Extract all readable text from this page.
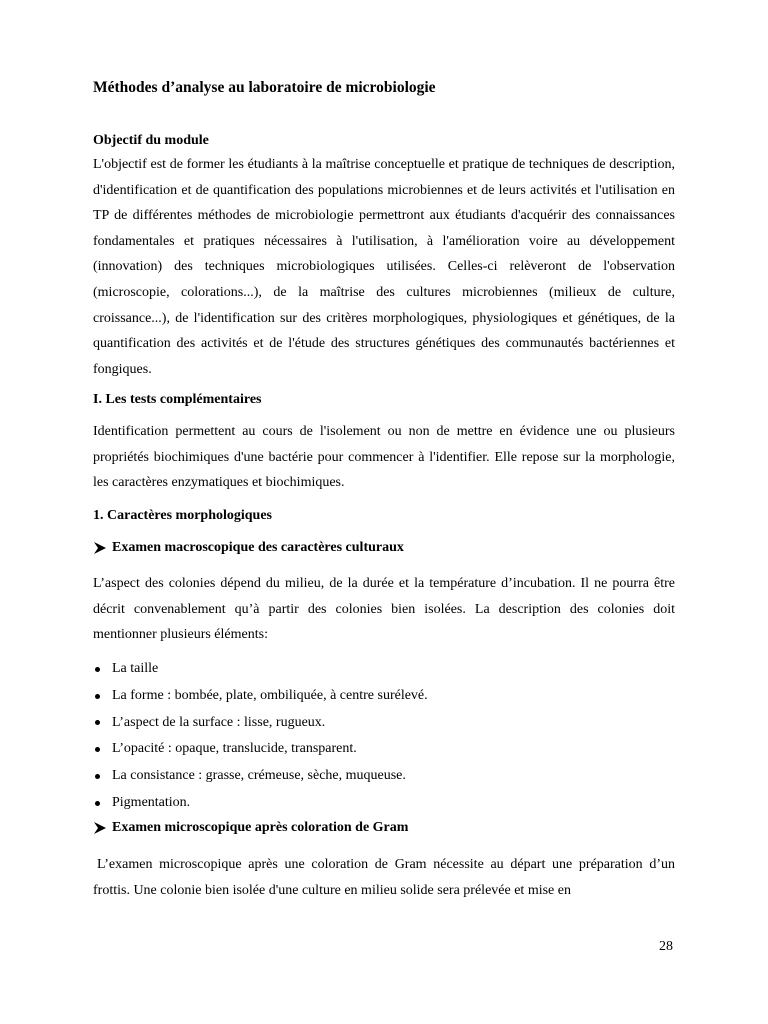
Méthodes d’analyse au laboratoire de microbiologie
Objectif du module

L'objectif est de former les étudiants à la maîtrise conceptuelle et pratique de techniques de description, d'identification et de quantification des populations microbiennes et de leurs activités et l'utilisation en TP de différentes méthodes de microbiologie permettront aux étudiants d'acquérir des connaissances fondamentales et pratiques nécessaires à l'utilisation, à l'amélioration voire au développement (innovation) des techniques microbiologiques utilisées. Celles-ci relèveront de l'observation (microscopie, colorations...), de la maîtrise des cultures microbiennes (milieux de culture, croissance...), de l'identification sur des critères morphologiques, physiologiques et génétiques, de la quantification des activités et de l'étude des structures génétiques des communautés bactériennes et fongiques.

I. Les tests complémentaires

Identification permettent au cours de l'isolement ou non de mettre en évidence une ou plusieurs propriétés biochimiques d'une bactérie pour commencer à l'identifier. Elle repose sur la morphologie, les caractères enzymatiques et biochimiques.

1. Caractères morphologiques
Examen macroscopique des caractères culturaux

L’aspect des colonies dépend du milieu, de la durée et la température d’incubation. Il ne pourra être décrit convenablement qu’à partir des colonies bien isolées. La description des colonies doit mentionner plusieurs éléments:

La taille
La forme : bombée, plate, ombiliquée, à centre surélevé.
L’aspect de la surface : lisse, rugueux.
L’opacité : opaque, translucide, transparent.
La consistance : grasse, crémeuse, sèche, muqueuse.
Pigmentation.
Examen microscopique après coloration de Gram

L’examen microscopique après une coloration de Gram nécessite au départ une préparation d’un frottis. Une colonie bien isolée d'une culture en milieu solide sera prélevée et mise en

28
